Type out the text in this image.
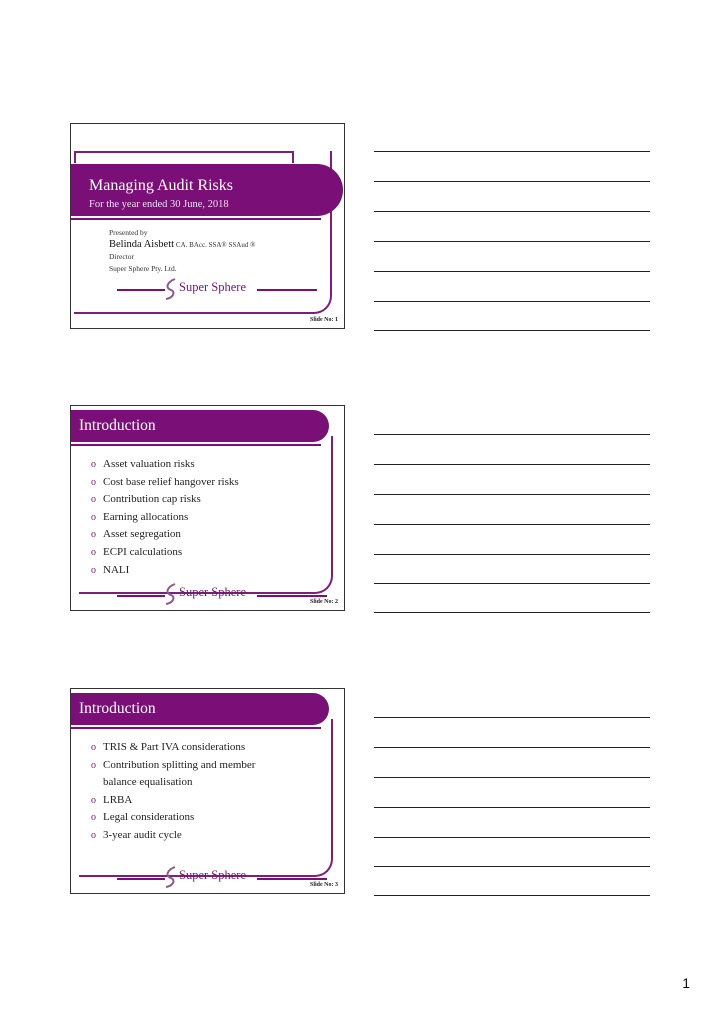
Managing Audit Risks
For the year ended 30 June, 2018
Presented by
Belinda Aisbett CA. BAcc. SSA® SSAud ®
Director
Super Sphere Pty. Ltd.
Super Sphere
Slide No: 1
Introduction
o Asset valuation risks
o Cost base relief hangover risks
o Contribution cap risks
o Earning allocations
o Asset segregation
o ECPI calculations
o NALI
Super Sphere
Slide No: 2
Introduction
o TRIS & Part IVA considerations
o Contribution splitting and member
balance equalisation
o LRBA
o Legal considerations
o 3-year audit cycle
Super Sphere
Slide No: 3
1
